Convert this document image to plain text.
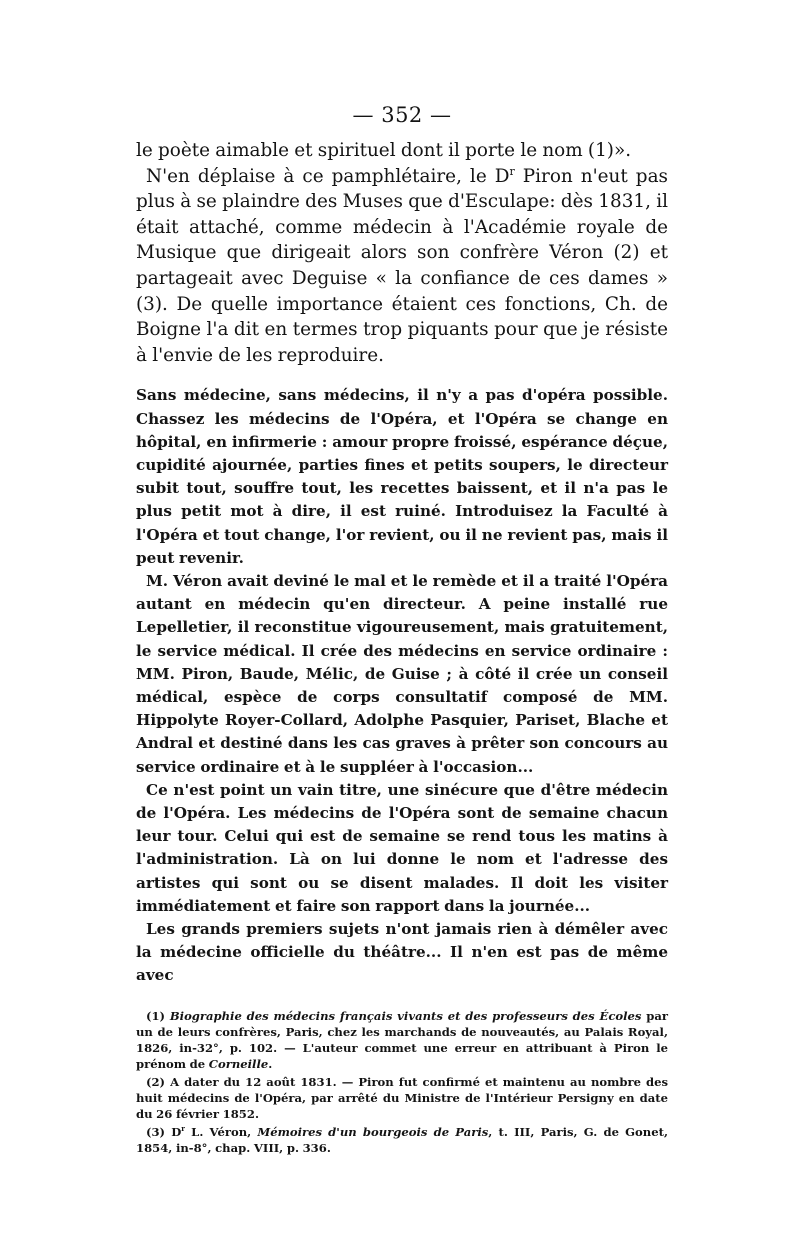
— 352 —

le poète aimable et spirituel dont il porte le nom (1)».

N'en déplaise à ce pamphlétaire, le $D^r$ Piron n'eut pas plus à se plaindre des Muses que d'Esculape: dès 1831, il était attaché, comme médecin à l'Académie royale de Musique que dirigeait alors son confrère Véron (2) et partageait avec Deguise « la confiance de ces dames » (3). De quelle importance étaient ces fonctions, Ch. de Boigne l'a dit en termes trop piquants pour que je résiste à l'envie de les reproduire.

Sans médecine, sans médecins, il n'y a pas d'opéra possible. Chassez les médecins de l'Opéra, et l'Opéra se change en hôpital, en infirmerie : amour propre froissé, espérance déçue, cupidité ajournée, parties fines et petits soupers, le directeur subit tout, souffre tout, les recettes baissent, et il n'a pas le plus petit mot à dire, il est ruiné. Introduisez la Faculté à l'Opéra et tout change, l'or revient, ou il ne revient pas, mais il peut revenir.

M. Véron avait deviné le mal et le remède et il a traité l'Opéra autant en médecin qu'en directeur. A peine installé rue Lepelletier, il reconstitue vigoureusement, mais gratuitement, le service médical. Il crée des médecins en service ordinaire : MM. Piron, Baude, Mélic, de Guise ; à côté il crée un conseil médical, espèce de corps consultatif composé de MM. Hippolyte Royer-Collard, Adolphe Pasquier, Pariset, Blache et Andral et destiné dans les cas graves à prêter son concours au service ordinaire et à le suppléer à l'occasion...

Ce n'est point un vain titre, une sinécure que d'être médecin de l'Opéra. Les médecins de l'Opéra sont de semaine chacun leur tour. Celui qui est de semaine se rend tous les matins à l'administration. Là on lui donne le nom et l'adresse des artistes qui sont ou se disent malades. Il doit les visiter immédiatement et faire son rapport dans la journée...

Les grands premiers sujets n'ont jamais rien à démêler avec la médecine officielle du théâtre... Il n'en est pas de même avec

(1) Biographie des médecins français vivants et des professeurs des Écoles par un de leurs confrères, Paris, chez les marchands de nouveautés, au Palais Royal, 1826, in-32°, p. 102. — L'auteur commet une erreur en attribuant à Piron le prénom de Corneille.

(2) A dater du 12 août 1831. — Piron fut confirmé et maintenu au nombre des huit médecins de l'Opéra, par arrêté du Ministre de l'Intérieur Persigny en date du 26 février 1852.

(3) $D^r$ L. Véron, Mémoires d'un bourgeois de Paris, t. III, Paris, G. de Gonet, 1854, in-8°, chap. VIII, p. 336.
